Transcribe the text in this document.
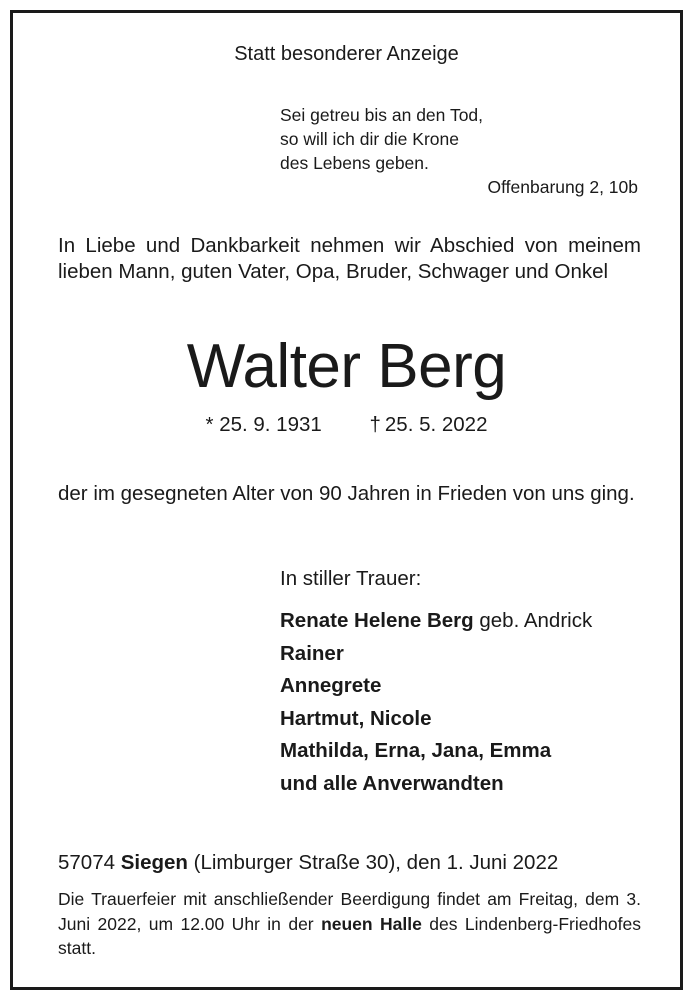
Statt besonderer Anzeige
Sei getreu bis an den Tod,
so will ich dir die Krone
des Lebens geben.
Offenbarung 2, 10b
In Liebe und Dankbarkeit nehmen wir Abschied von meinem lieben Mann, guten Vater, Opa, Bruder, Schwager und Onkel
Walter Berg
* 25. 9. 1931 † 25. 5. 2022
der im gesegneten Alter von 90 Jahren in Frieden von uns ging.
In stiller Trauer:
Renate Helene Berg geb. Andrick
Rainer
Annegrete
Hartmut, Nicole
Mathilda, Erna, Jana, Emma
und alle Anverwandten
57074 Siegen (Limburger Straße 30), den 1. Juni 2022
Die Trauerfeier mit anschließender Beerdigung findet am Freitag, dem 3. Juni 2022, um 12.00 Uhr in der neuen Halle des Lindenberg-Friedhofes statt.
